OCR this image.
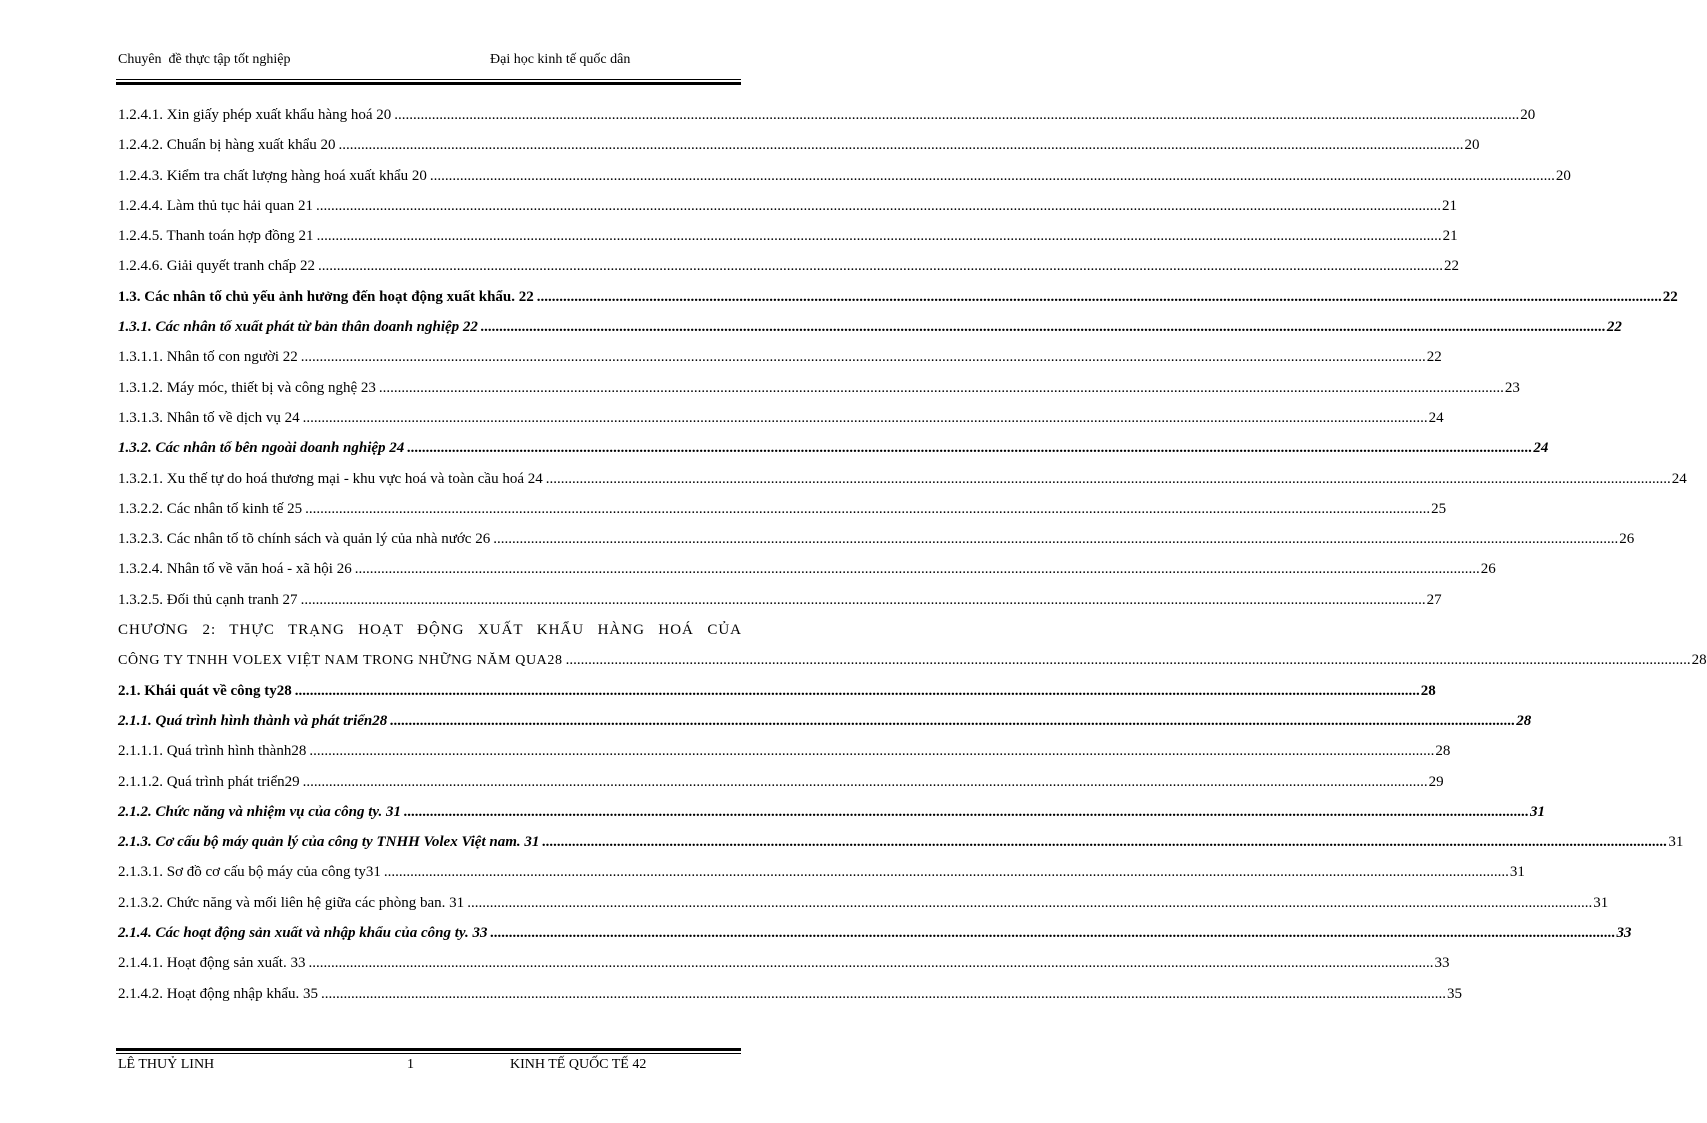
Chuyên  đề thực tập tốt nghiệp	Đại học kinh tế quốc dân
1.2.4.1. Xin giấy phép xuất khẩu hàng hoá 20 ............................................................................................................................................................................................................................................................................................................ 20
1.2.4.2. Chuẩn bị hàng xuất khẩu 20 ............................................................................................................................................................................................................................................................................................................ 20
1.2.4.3. Kiểm tra chất lượng hàng hoá xuất khẩu 20 ............................................................................................................................................................................................................................................................................................................ 20
1.2.4.4. Làm thủ tục hải quan 21 ............................................................................................................................................................................................................................................................................................................ 21
1.2.4.5. Thanh toán hợp đồng 21 ............................................................................................................................................................................................................................................................................................................ 21
1.2.4.6. Giải quyết tranh chấp 22 ............................................................................................................................................................................................................................................................................................................ 22
1.3. Các nhân tố chủ yếu ảnh hưởng đến hoạt động xuất khẩu. 22 ............................................................................................................................................................................................................................................................................................................ 22
1.3.1. Các nhân tố xuất phát từ bản thân doanh nghiệp 22 ............................................................................................................................................................................................................................................................................................................ 22
1.3.1.1. Nhân tố con người 22 ............................................................................................................................................................................................................................................................................................................ 22
1.3.1.2. Máy móc, thiết bị và công nghệ 23 ............................................................................................................................................................................................................................................................................................................ 23
1.3.1.3. Nhân tố về dịch vụ 24 ............................................................................................................................................................................................................................................................................................................ 24
1.3.2. Các nhân tố bên ngoài doanh nghiệp 24 ............................................................................................................................................................................................................................................................................................................ 24
1.3.2.1. Xu thế tự do hoá thương mại - khu vực hoá và toàn cầu hoá 24 ............................................................................................................................................................................................................................................................................................................ 24
1.3.2.2. Các nhân tố kinh tế 25 ............................................................................................................................................................................................................................................................................................................ 25
1.3.2.3. Các nhân tố tõ chính sách và quản lý của nhà nước 26 ............................................................................................................................................................................................................................................................................................................ 26
1.3.2.4. Nhân tố về văn hoá - xã hội 26 ............................................................................................................................................................................................................................................................................................................ 26
1.3.2.5. Đối thủ cạnh tranh 27 ............................................................................................................................................................................................................................................................................................................ 27
CHƯƠNG 2: THỰC TRẠNG HOẠT ĐỘNG XUẤT KHẨU HÀNG HOÁ CỦA
CÔNG TY TNHH VOLEX VIỆT NAM TRONG NHỮNG NĂM QUA28 ............................................................................................................................................................................................................................................................................................................ 28
2.1. Khái quát về công ty28 ............................................................................................................................................................................................................................................................................................................ 28
2.1.1. Quá trình hình thành và phát triển28 ............................................................................................................................................................................................................................................................................................................ 28
2.1.1.1. Quá trình hình thành28 ............................................................................................................................................................................................................................................................................................................ 28
2.1.1.2. Quá trình phát triển29 ............................................................................................................................................................................................................................................................................................................ 29
2.1.2. Chức năng và nhiệm vụ của công ty. 31 ............................................................................................................................................................................................................................................................................................................ 31
2.1.3. Cơ cấu bộ máy quản lý của công ty TNHH Volex Việt nam. 31 ............................................................................................................................................................................................................................................................................................................ 31
2.1.3.1. Sơ đồ cơ cấu bộ máy của công ty31 ............................................................................................................................................................................................................................................................................................................ 31
2.1.3.2. Chức năng và mối liên hệ giữa các phòng ban. 31 ............................................................................................................................................................................................................................................................................................................ 31
2.1.4. Các hoạt động sản xuất và nhập khẩu của công ty. 33 ............................................................................................................................................................................................................................................................................................................ 33
2.1.4.1. Hoạt động sản xuất. 33 ............................................................................................................................................................................................................................................................................................................ 33
2.1.4.2. Hoạt động nhập khẩu. 35 ............................................................................................................................................................................................................................................................................................................ 35
LÊ THUỶ LINH	1	KINH TẾ QUỐC TẾ 42
